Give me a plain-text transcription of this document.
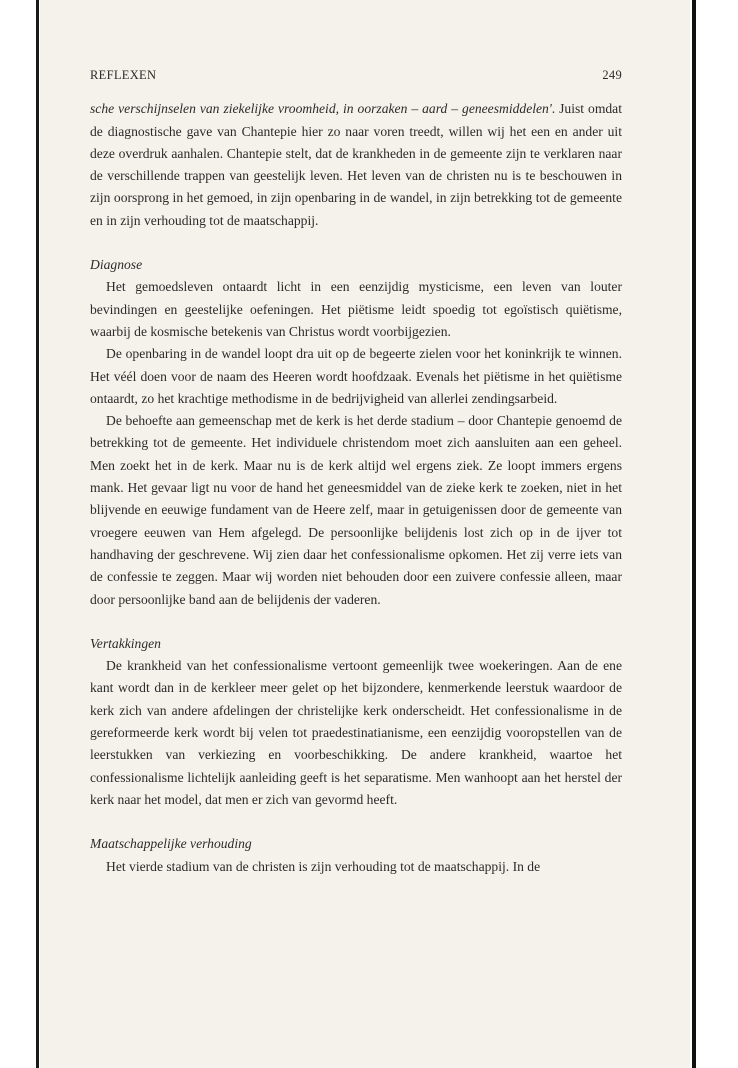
REFLEXEN	249

sche verschijnselen van ziekelijke vroomheid, in oorzaken – aard – geneesmiddelen'. Juist omdat de diagnostische gave van Chantepie hier zo naar voren treedt, willen wij het een en ander uit deze overdruk aanhalen. Chantepie stelt, dat de krankheden in de gemeente zijn te verklaren naar de verschillende trappen van geestelijk leven. Het leven van de christen nu is te beschouwen in zijn oorsprong in het gemoed, in zijn openbaring in de wandel, in zijn betrekking tot de gemeente en in zijn verhouding tot de maatschappij.

Diagnose

Het gemoedsleven ontaardt licht in een eenzijdig mysticisme, een leven van louter bevindingen en geestelijke oefeningen. Het piëtisme leidt spoedig tot egoïstisch quiëtisme, waarbij de kosmische betekenis van Christus wordt voorbijgezien.

De openbaring in de wandel loopt dra uit op de begeerte zielen voor het koninkrijk te winnen. Het véél doen voor de naam des Heeren wordt hoofdzaak. Evenals het piëtisme in het quiëtisme ontaardt, zo het krachtige methodisme in de bedrijvigheid van allerlei zendingsarbeid.

De behoefte aan gemeenschap met de kerk is het derde stadium – door Chantepie genoemd de betrekking tot de gemeente. Het individuele christendom moet zich aansluiten aan een geheel. Men zoekt het in de kerk. Maar nu is de kerk altijd wel ergens ziek. Ze loopt immers ergens mank. Het gevaar ligt nu voor de hand het geneesmiddel van de zieke kerk te zoeken, niet in het blijvende en eeuwige fundament van de Heere zelf, maar in getuigenissen door de gemeente van vroegere eeuwen van Hem afgelegd. De persoonlijke belijdenis lost zich op in de ijver tot handhaving der geschrevene. Wij zien daar het confessionalisme opkomen. Het zij verre iets van de confessie te zeggen. Maar wij worden niet behouden door een zuivere confessie alleen, maar door persoonlijke band aan de belijdenis der vaderen.

Vertakkingen

De krankheid van het confessionalisme vertoont gemeenlijk twee woekeringen. Aan de ene kant wordt dan in de kerkleer meer gelet op het bijzondere, kenmerkende leerstuk waardoor de kerk zich van andere afdelingen der christelijke kerk onderscheidt. Het confessionalisme in de gereformeerde kerk wordt bij velen tot praedestinatianisme, een eenzijdig vooropstellen van de leerstukken van verkiezing en voorbeschikking. De andere krankheid, waartoe het confessionalisme lichtelijk aanleiding geeft is het separatisme. Men wanhoopt aan het herstel der kerk naar het model, dat men er zich van gevormd heeft.

Maatschappelijke verhouding

Het vierde stadium van de christen is zijn verhouding tot de maatschappij. In de
